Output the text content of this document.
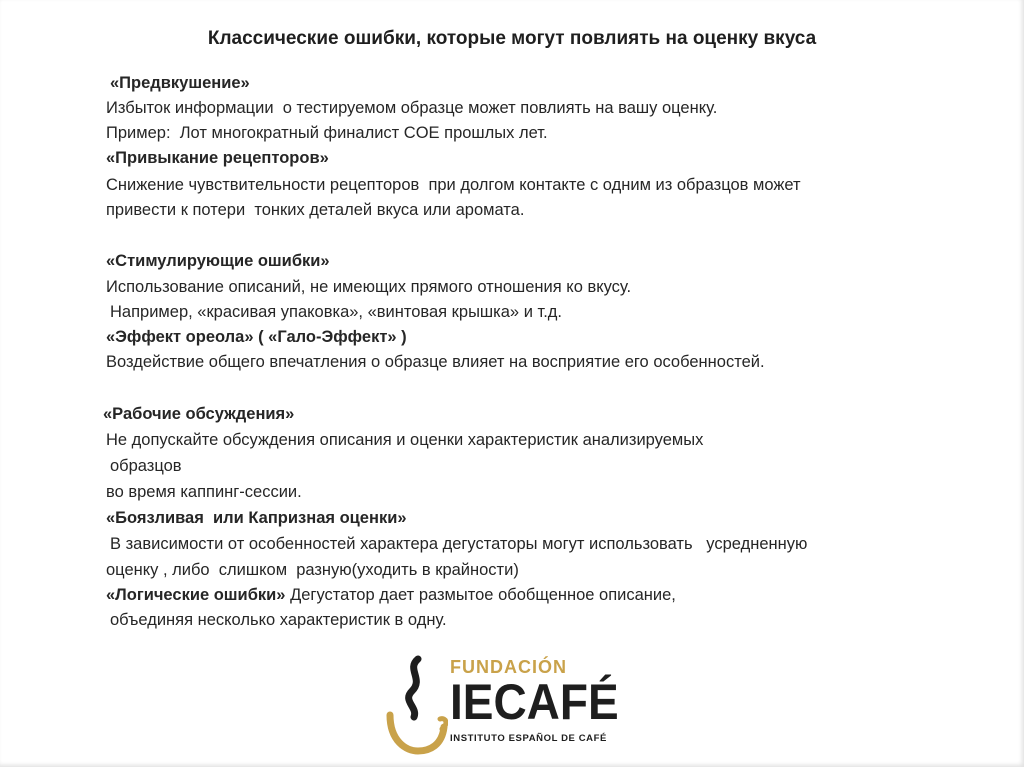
Классические ошибки, которые могут повлиять на оценку вкуса

«Предвкушение»

Избыток информации  о тестируемом образце может повлиять на вашу оценку.

Пример:  Лот многократный финалист COE прошлых лет.

«Привыкание рецепторов»

Снижение чувствительности рецепторов  при долгом контакте с одним из образцов может

привести к потери  тонких деталей вкуса или аромата.

«Стимулирующие ошибки»

Использование описаний, не имеющих прямого отношения ко вкусу.

Например, «красивая упаковка», «винтовая крышка» и т.д.

«Эффект ореола» ( «Гало-Эффект» )

Воздействие общего впечатления о образце влияет на восприятие его особенностей.

«Рабочие обсуждения»

Не допускайте обсуждения описания и оценки характеристик анализируемых

образцов

во время каппинг-сессии.

«Боязливая  или Капризная оценки»

В зависимости от особенностей характера дегустаторы могут использовать   усредненную

оценку , либо  слишком  разную(уходить в крайности)

«Логические ошибки» Дегустатор дает размытое обобщенное описание,

объединяя несколько характеристик в одну.

FUNDACIÓN
IECAFÉ
INSTITUTO ESPAÑOL DE CAFÉ
